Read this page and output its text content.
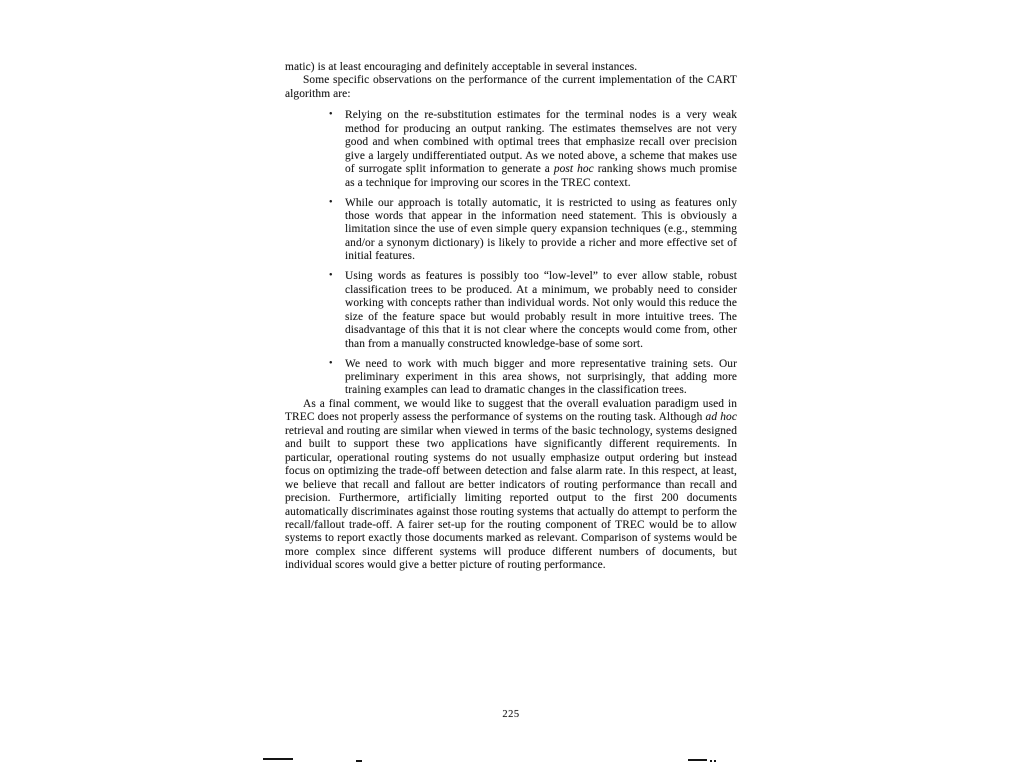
matic) is at least encouraging and definitely acceptable in several instances.

Some specific observations on the performance of the current implementation of the CART algorithm are:

• Relying on the re-substitution estimates for the terminal nodes is a very weak method for producing an output ranking. The estimates themselves are not very good and when combined with optimal trees that emphasize recall over precision give a largely undifferentiated output. As we noted above, a scheme that makes use of surrogate split information to generate a post hoc ranking shows much promise as a technique for improving our scores in the TREC context.
• While our approach is totally automatic, it is restricted to using as features only those words that appear in the information need statement. This is obviously a limitation since the use of even simple query expansion techniques (e.g., stemming and/or a synonym dictionary) is likely to provide a richer and more effective set of initial features.
• Using words as features is possibly too “low-level” to ever allow stable, robust classification trees to be produced. At a minimum, we probably need to consider working with concepts rather than individual words. Not only would this reduce the size of the feature space but would probably result in more intuitive trees. The disadvantage of this that it is not clear where the concepts would come from, other than from a manually constructed knowledge-base of some sort.
• We need to work with much bigger and more representative training sets. Our preliminary experiment in this area shows, not surprisingly, that adding more training examples can lead to dramatic changes in the classification trees.

As a final comment, we would like to suggest that the overall evaluation paradigm used in TREC does not properly assess the performance of systems on the routing task. Although ad hoc retrieval and routing are similar when viewed in terms of the basic technology, systems designed and built to support these two applications have significantly different requirements. In particular, operational routing systems do not usually emphasize output ordering but instead focus on optimizing the trade-off between detection and false alarm rate. In this respect, at least, we believe that recall and fallout are better indicators of routing performance than recall and precision. Furthermore, artificially limiting reported output to the first 200 documents automatically discriminates against those routing systems that actually do attempt to perform the recall/fallout trade-off. A fairer set-up for the routing component of TREC would be to allow systems to report exactly those documents marked as relevant. Comparison of systems would be more complex since different systems will produce different numbers of documents, but individual scores would give a better picture of routing performance.

225
